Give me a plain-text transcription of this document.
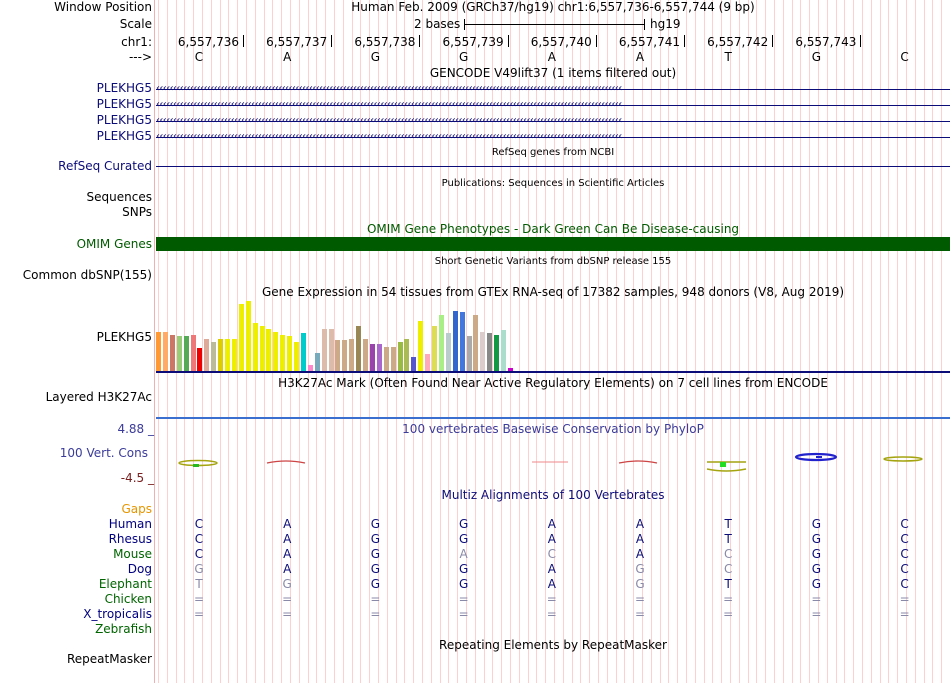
Window Position	Human Feb. 2009 (GRCh37/hg19) chr1:6,557,736-6,557,744 (9 bp)
Scale	2 bases	hg19
chr1: 6,557,736 6,557,737 6,557,738 6,557,739 6,557,740 6,557,741 6,557,742 6,557,743
--->	C	A	G	G	A	A	T	G	C
GENCODE V49lift37 (1 items filtered out)
PLEKHG5
PLEKHG5
PLEKHG5
PLEKHG5
RefSeq genes from NCBI
RefSeq Curated
Publications: Sequences in Scientific Articles
Sequences
SNPs
OMIM Gene Phenotypes - Dark Green Can Be Disease-causing
OMIM Genes
Short Genetic Variants from dbSNP release 155
Common dbSNP(155)
Gene Expression in 54 tissues from GTEx RNA-seq of 17382 samples, 948 donors (V8, Aug 2019)
PLEKHG5
H3K27Ac Mark (Often Found Near Active Regulatory Elements) on 7 cell lines from ENCODE
Layered H3K27Ac
100 vertebrates Basewise Conservation by PhyloP
4.88 _
100 Vert. Cons
-4.5 _
Multiz Alignments of 100 Vertebrates
Gaps
Human	C	A	G	G	A	A	T	G	C
Rhesus	C	A	G	G	A	A	T	G	C
Mouse	C	A	G	A	C	A	C	G	C
Dog	G	A	G	G	A	G	C	G	C
Elephant	T	G	G	G	A	G	T	G	C
Chicken	=	=	=	=	=	=	=	=	=
X_tropicalis	=	=	=	=	=	=	=	=	=
Zebrafish
Repeating Elements by RepeatMasker
RepeatMasker
